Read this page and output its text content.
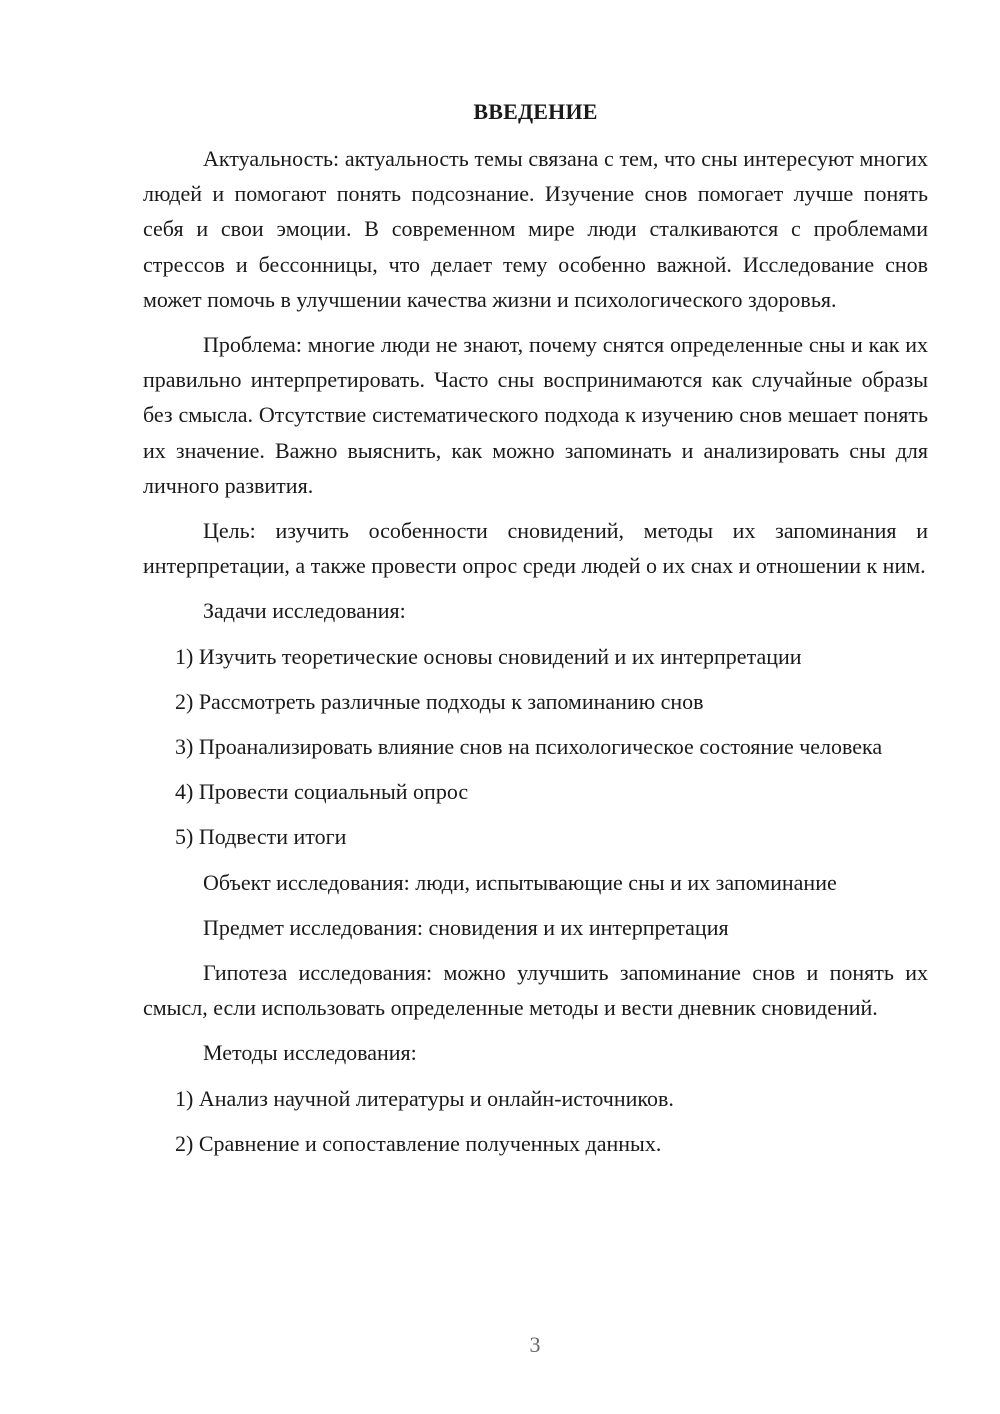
ВВЕДЕНИЕ

Актуальность: актуальность темы связана с тем, что сны интересуют многих людей и помогают понять подсознание. Изучение снов помогает лучше понять себя и свои эмоции. В современном мире люди сталкиваются с проблемами стрессов и бессонницы, что делает тему особенно важной. Исследование снов может помочь в улучшении качества жизни и психологического здоровья.

Проблема: многие люди не знают, почему снятся определенные сны и как их правильно интерпретировать. Часто сны воспринимаются как случайные образы без смысла. Отсутствие систематического подхода к изучению снов мешает понять их значение. Важно выяснить, как можно запоминать и анализировать сны для личного развития.

Цель: изучить особенности сновидений, методы их запоминания и интерпретации, а также провести опрос среди людей о их снах и отношении к ним.

Задачи исследования:

1) Изучить теоретические основы сновидений и их интерпретации

2) Рассмотреть различные подходы к запоминанию снов

3) Проанализировать влияние снов на психологическое состояние человека

4) Провести социальный опрос

5) Подвести итоги

Объект исследования: люди, испытывающие сны и их запоминание

Предмет исследования: сновидения и их интерпретация

Гипотеза исследования: можно улучшить запоминание снов и понять их смысл, если использовать определенные методы и вести дневник сновидений.

Методы исследования:

1) Анализ научной литературы и онлайн-источников.

2) Сравнение и сопоставление полученных данных.

3
